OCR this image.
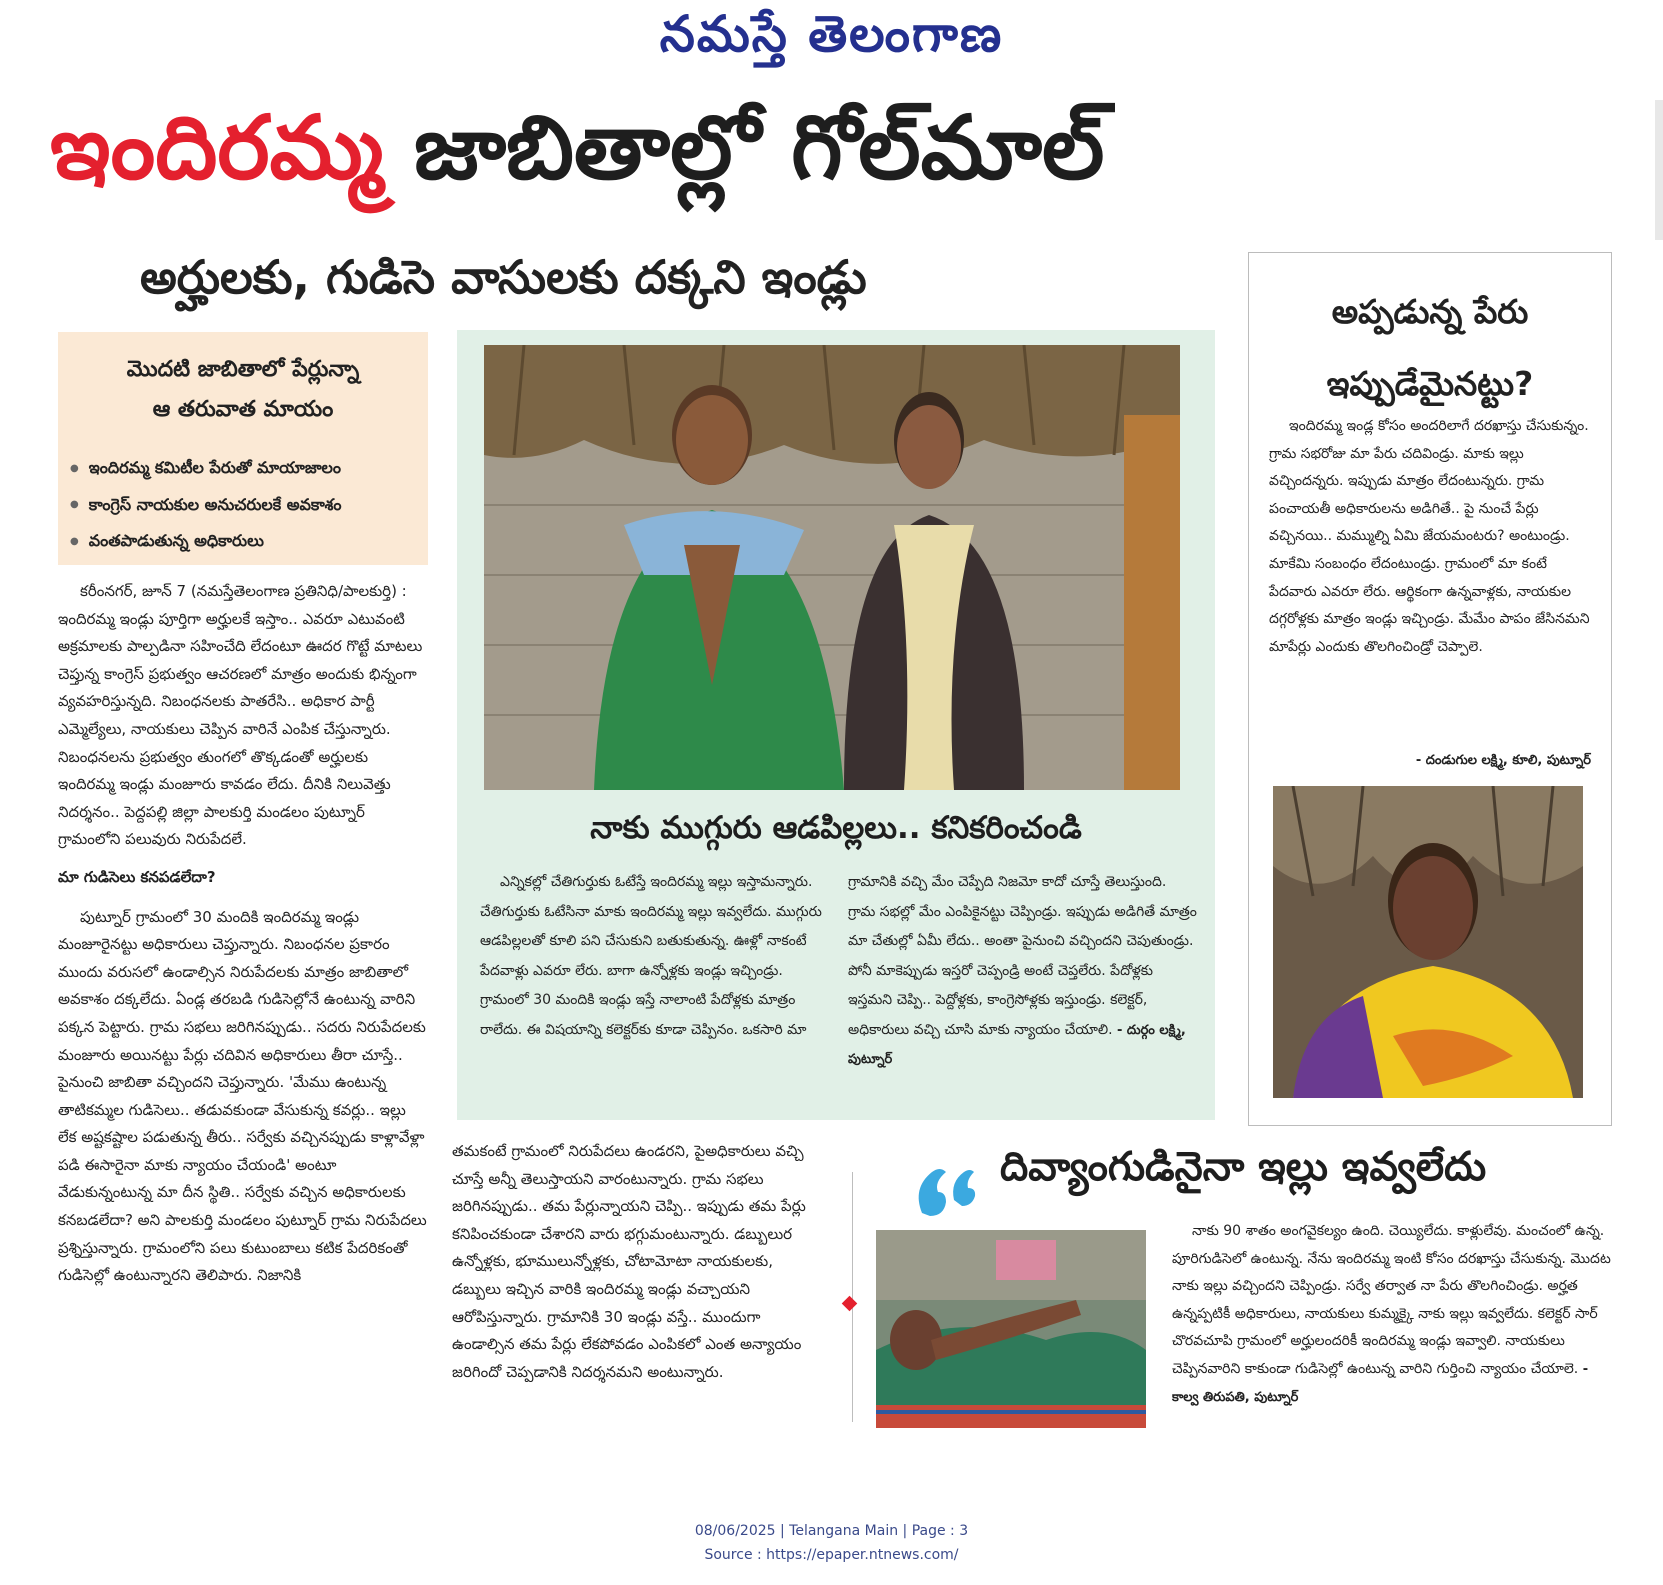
నమస్తే తెలంగాణ
ఇందిరమ్మ జాబితాల్లో గోల్‌మాల్
అర్హులకు, గుడిసె వాసులకు దక్కని ఇండ్లు
మొదటి జాబితాలో పేర్లున్నా
ఆ తరువాత మాయం
● ఇందిరమ్మ కమిటీల పేరుతో మాయాజాలం
● కాంగ్రెస్ నాయకుల అనుచరులకే అవకాశం
● వంతపాడుతున్న అధికారులు

కరీంనగర్, జూన్ 7 (నమస్తేతెలంగాణ ప్రతినిధి/పాలకుర్తి) : ఇందిరమ్మ ఇండ్లు పూర్తిగా అర్హులకే ఇస్తాం.. ఎవరూ ఎటువంటి అక్రమాలకు పాల్పడినా సహించేది లేదంటూ ఊదర గొట్టే మాటలు చెప్తున్న కాంగ్రెస్ ప్రభుత్వం ఆచరణలో మాత్రం అందుకు భిన్నంగా వ్యవహరిస్తున్నది. నిబంధనలకు పాతరేసి.. అధికార పార్టీ ఎమ్మెల్యేలు, నాయకులు చెప్పిన వారినే ఎంపిక చేస్తున్నారు. నిబంధనలను ప్రభుత్వం తుంగలో తొక్కడంతో అర్హులకు ఇందిరమ్మ ఇండ్లు మంజూరు కావడం లేదు. దీనికి నిలువెత్తు నిదర్శనం.. పెద్దపల్లి జిల్లా పాలకుర్తి మండలం పుట్నూర్ గ్రామంలోని పలువురు నిరుపేదలే.

మా గుడిసెలు కనపడలేదా?

పుట్నూర్ గ్రామంలో 30 మందికి ఇందిరమ్మ ఇండ్లు మంజూరైనట్టు అధికారులు చెప్తున్నారు. నిబంధనల ప్రకారం ముందు వరుసలో ఉండాల్సిన నిరుపేదలకు మాత్రం జాబితాలో అవకాశం దక్కలేదు. ఏండ్ల తరబడి గుడిసెల్లోనే ఉంటున్న వారిని పక్కన పెట్టారు. గ్రామ సభలు జరిగినప్పుడు.. సదరు నిరుపేదలకు మంజూరు అయినట్టు పేర్లు చదివిన అధికారులు తీరా చూస్తే.. పైనుంచి జాబితా వచ్చిందని చెప్తున్నారు. 'మేము ఉంటున్న తాటికమ్మల గుడిసెలు.. తడువకుండా వేసుకున్న కవర్లు.. ఇల్లు లేక అష్టకష్టాల పడుతున్న తీరు.. సర్వేకు వచ్చినప్పుడు కాళ్లావేళ్లా పడి ఈసారైనా మాకు న్యాయం చేయండి' అంటూ వేడుకున్నంటున్న మా దీన స్థితి.. సర్వేకు వచ్చిన అధికారులకు కనబడలేదా? అని పాలకుర్తి మండలం పుట్నూర్ గ్రామ నిరుపేదలు ప్రశ్నిస్తున్నారు. గ్రామంలోని పలు కుటుంబాలు కటిక పేదరికంతో గుడిసెల్లో ఉంటున్నారని తెలిపారు. నిజానికి

నాకు ముగ్గురు ఆడపిల్లలు.. కనికరించండి

ఎన్నికల్లో చేతిగుర్తుకు ఓటేస్తే ఇందిరమ్మ ఇల్లు ఇస్తామన్నారు. చేతిగుర్తుకు ఓటేసినా మాకు ఇందిరమ్మ ఇల్లు ఇవ్వలేదు. ముగ్గురు ఆడపిల్లలతో కూలి పని చేసుకుని బతుకుతున్న. ఊళ్లో నాకంటే పేదవాళ్లు ఎవరూ లేరు. బాగా ఉన్నోళ్లకు ఇండ్లు ఇచ్చిండ్రు. గ్రామంలో 30 మందికి ఇండ్లు ఇస్తే నాలాంటి పేదోళ్లకు మాత్రం రాలేదు. ఈ విషయాన్ని కలెక్టర్‌కు కూడా చెప్పినం. ఒకసారి మా

గ్రామానికి వచ్చి మేం చెప్పేది నిజమో కాదో చూస్తే తెలుస్తుంది. గ్రామ సభల్లో మేం ఎంపికైనట్టు చెప్పిండ్రు. ఇప్పుడు అడిగితే మాత్రం మా చేతుల్లో ఏమీ లేదు.. అంతా పైనుంచి వచ్చిందని చెపుతుండ్రు. పోనీ మాకెప్పుడు ఇస్తరో చెప్పండ్రి అంటే చెప్తలేరు. పేదోళ్లకు ఇస్తమని చెప్పి.. పెద్దోళ్లకు, కాంగ్రెసోళ్లకు ఇస్తుండ్రు. కలెక్టర్, అధికారులు వచ్చి చూసి మాకు న్యాయం చేయాలి. - దుర్గం లక్ష్మి, పుట్నూర్

తమకంటే గ్రామంలో నిరుపేదలు ఉండరని, పైఅధికారులు వచ్చి చూస్తే అన్నీ తెలుస్తాయని వారంటున్నారు. గ్రామ సభలు జరిగినప్పుడు.. తమ పేర్లున్నాయని చెప్పి.. ఇప్పుడు తమ పేర్లు కనిపించకుండా చేశారని వారు భగ్గుమంటున్నారు. డబ్బులుర ఉన్నోళ్లకు, భూములున్నోళ్లకు, చోటామోటా నాయకులకు, డబ్బులు ఇచ్చిన వారికి ఇందిరమ్మ ఇండ్లు వచ్చాయని ఆరోపిస్తున్నారు. గ్రామానికి 30 ఇండ్లు వస్తే.. ముందుగా ఉండాల్సిన తమ పేర్లు లేకపోవడం ఎంపికలో ఎంత అన్యాయం జరిగిందో చెప్పడానికి నిదర్శనమని అంటున్నారు.

అప్పడున్న పేరు
ఇప్పుడేమైనట్టు?

ఇందిరమ్మ ఇండ్ల కోసం అందరిలాగే దరఖాస్తు చేసుకున్నం. గ్రామ సభరోజు మా పేరు చదివిండ్రు. మాకు ఇల్లు వచ్చిందన్నరు. ఇప్పుడు మాత్రం లేదంటున్నరు. గ్రామ పంచాయతీ అధికారులను అడిగితే.. పై నుంచే పేర్లు వచ్చినయి.. మమ్ముల్ని ఏమి జేయమంటరు? అంటుండ్రు. మాకేమి సంబంధం లేదంటుండ్రు. గ్రామంలో మా కంటే పేదవారు ఎవరూ లేరు. ఆర్థికంగా ఉన్నవాళ్లకు, నాయకుల దగ్గరోళ్లకు మాత్రం ఇండ్లు ఇచ్చిండ్రు. మేమేం పాపం జేసినమని మాపేర్లు ఎందుకు తొలగించిండ్రో చెప్పాలె.

- దండుగుల లక్ష్మి, కూలి, పుట్నూర్
దివ్యాంగుడినైనా ఇల్లు ఇవ్వలేదు

నాకు 90 శాతం అంగవైకల్యం ఉంది. చెయ్యిలేదు. కాళ్లులేవు. మంచంలో ఉన్న. పూరిగుడిసెలో ఉంటున్న. నేను ఇందిరమ్మ ఇంటి కోసం దరఖాస్తు చేసుకున్న. మొదట నాకు ఇల్లు వచ్చిందని చెప్పిండ్రు. సర్వే తర్వాత నా పేరు తొలగించిండ్రు. అర్హత ఉన్నప్పటికీ అధికారులు, నాయకులు కుమ్మక్కై నాకు ఇల్లు ఇవ్వలేదు. కలెక్టర్ సార్ చొరవచూపి గ్రామంలో అర్హులందరికీ ఇందిరమ్మ ఇండ్లు ఇవ్వాలి. నాయకులు చెప్పినవారిని కాకుండా గుడిసెల్లో ఉంటున్న వారిని గుర్తించి న్యాయం చేయాలె. - కాల్వ తిరుపతి, పుట్నూర్

08/06/2025 | Telangana Main | Page : 3
Source : https://epaper.ntnews.com/
